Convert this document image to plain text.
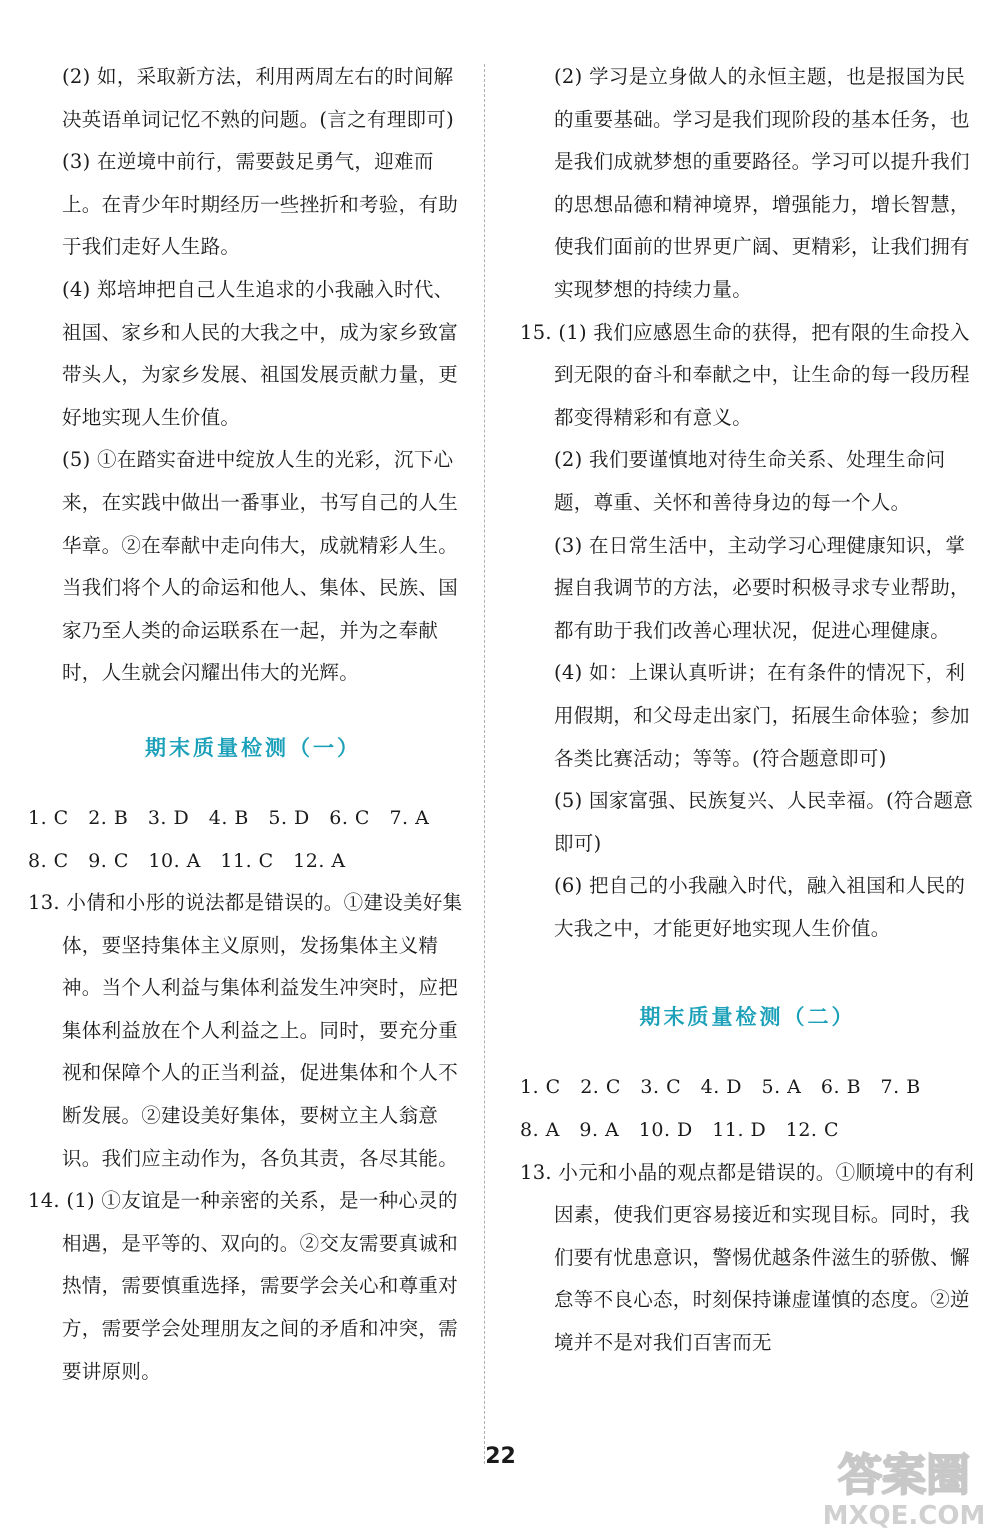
(2) 如，采取新方法，利用两周左右的时间解决英语单词记忆不熟的问题。(言之有理即可)
(3) 在逆境中前行，需要鼓足勇气，迎难而上。在青少年时期经历一些挫折和考验，有助于我们走好人生路。
(4) 郑培坤把自己人生追求的小我融入时代、祖国、家乡和人民的大我之中，成为家乡致富带头人，为家乡发展、祖国发展贡献力量，更好地实现人生价值。
(5) ①在踏实奋进中绽放人生的光彩，沉下心来，在实践中做出一番事业，书写自己的人生华章。②在奉献中走向伟大，成就精彩人生。当我们将个人的命运和他人、集体、民族、国家乃至人类的命运联系在一起，并为之奉献时，人生就会闪耀出伟大的光辉。
期末质量检测（一）
1. C　2. B　3. D　4. B　5. D　6. C　7. A
8. C　9. C　10. A　11. C　12. A
13. 小倩和小彤的说法都是错误的。①建设美好集体，要坚持集体主义原则，发扬集体主义精神。当个人利益与集体利益发生冲突时，应把集体利益放在个人利益之上。同时，要充分重视和保障个人的正当利益，促进集体和个人不断发展。②建设美好集体，要树立主人翁意识。我们应主动作为，各负其责，各尽其能。
14. (1) ①友谊是一种亲密的关系，是一种心灵的相遇，是平等的、双向的。②交友需要真诚和热情，需要慎重选择，需要学会关心和尊重对方，需要学会处理朋友之间的矛盾和冲突，需要讲原则。
(2) 学习是立身做人的永恒主题，也是报国为民的重要基础。学习是我们现阶段的基本任务，也是我们成就梦想的重要路径。学习可以提升我们的思想品德和精神境界，增强能力，增长智慧，使我们面前的世界更广阔、更精彩，让我们拥有实现梦想的持续力量。
15. (1) 我们应感恩生命的获得，把有限的生命投入到无限的奋斗和奉献之中，让生命的每一段历程都变得精彩和有意义。
(2) 我们要谨慎地对待生命关系、处理生命问题，尊重、关怀和善待身边的每一个人。
(3) 在日常生活中，主动学习心理健康知识，掌握自我调节的方法，必要时积极寻求专业帮助，都有助于我们改善心理状况，促进心理健康。
(4) 如：上课认真听讲；在有条件的情况下，利用假期，和父母走出家门，拓展生命体验；参加各类比赛活动；等等。(符合题意即可)
(5) 国家富强、民族复兴、人民幸福。(符合题意即可)
(6) 把自己的小我融入时代，融入祖国和人民的大我之中，才能更好地实现人生价值。
期末质量检测（二）
1. C　2. C　3. C　4. D　5. A　6. B　7. B
8. A　9. A　10. D　11. D　12. C
13. 小元和小晶的观点都是错误的。①顺境中的有利因素，使我们更容易接近和实现目标。同时，我们要有忧患意识，警惕优越条件滋生的骄傲、懈怠等不良心态，时刻保持谦虚谨慎的态度。②逆境并不是对我们百害而无
22	答案圈
MXQE.COM
